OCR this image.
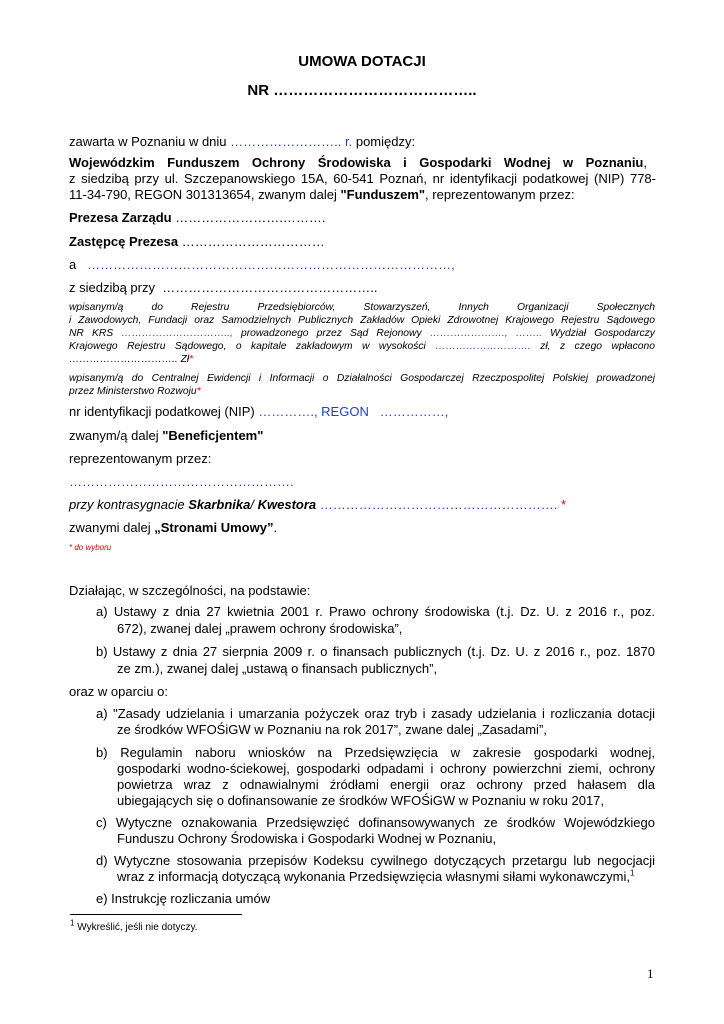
UMOWA DOTACJI
NR …………………………………..
zawarta w Poznaniu w dniu …………………….. r. pomiędzy:
Wojewódzkim Funduszem Ochrony Środowiska i Gospodarki Wodnej w Poznaniu,
z siedzibą przy ul. Szczepanowskiego 15A, 60-541 Poznań, nr identyfikacji podatkowej (NIP) 778-
11-34-790, REGON 301313654, zwanym dalej "Funduszem", reprezentowanym przez:
Prezesa Zarządu …………………….……….
Zastępcę Prezesa ……………………………
a …………………………………………………………………………,
z siedzibą przy …………………………………………..
wpisanym/ą do Rejestru Przedsiębiorców, Stowarzyszeń, Innych Organizacji Społecznych
i Zawodowych, Fundacji oraz Samodzielnych Publicznych Zakładów Opieki Zdrowotnej Krajowego Rejestru Sądowego
NR KRS ………………………….., prowadzonego przez Sąd Rejonowy …………………., …….. Wydział Gospodarczy
Krajowego Rejestru Sądowego, o kapitale zakładowym w wysokości ………………………. zł, z czego wpłacono
………………………….. Zł*
wpisanym/ą do Centralnej Ewidencji i Informacji o Działalności Gospodarczej Rzeczpospolitej Polskiej prowadzonej
przez Ministerstwo Rozwoju*
nr identyfikacji podatkowej (NIP) …………., REGON ……………,
zwanym/ą dalej "Beneficjentem"
reprezentowanym przez:
…………………………………………….
przy kontrasygnacie Skarbnika/ Kwestora ………………………………………………. *
zwanymi dalej „Stronami Umowy”.
* do wyboru
Działając, w szczególności, na podstawie:
a) Ustawy z dnia 27 kwietnia 2001 r. Prawo ochrony środowiska (t.j. Dz. U. z 2016 r., poz.
672), zwanej dalej „prawem ochrony środowiska”,
b) Ustawy z dnia 27 sierpnia 2009 r. o finansach publicznych (t.j. Dz. U. z 2016 r., poz. 1870
ze zm.), zwanej dalej „ustawą o finansach publicznych”,
oraz w oparciu o:
a) "Zasady udzielania i umarzania pożyczek oraz tryb i zasady udzielania i rozliczania dotacji
ze środków WFOŚiGW w Poznaniu na rok 2017”, zwane dalej „Zasadami”,
b) Regulamin naboru wniosków na Przedsięwzięcia w zakresie gospodarki wodnej,
gospodarki wodno-ściekowej, gospodarki odpadami i ochrony powierzchni ziemi, ochrony
powietrza wraz z odnawialnymi źródłami energii oraz ochrony przed hałasem dla
ubiegających się o dofinansowanie ze środków WFOŚiGW w Poznaniu w roku 2017,
c) Wytyczne oznakowania Przedsięwzięć dofinansowywanych ze środków Wojewódzkiego
Funduszu Ochrony Środowiska i Gospodarki Wodnej w Poznaniu,
d) Wytyczne stosowania przepisów Kodeksu cywilnego dotyczących przetargu lub negocjacji
wraz z informacją dotyczącą wykonania Przedsięwzięcia własnymi siłami wykonawczymi,$^1$
e) Instrukcję rozliczania umów
$^1$ Wykreślić, jeśli nie dotyczy.
1
